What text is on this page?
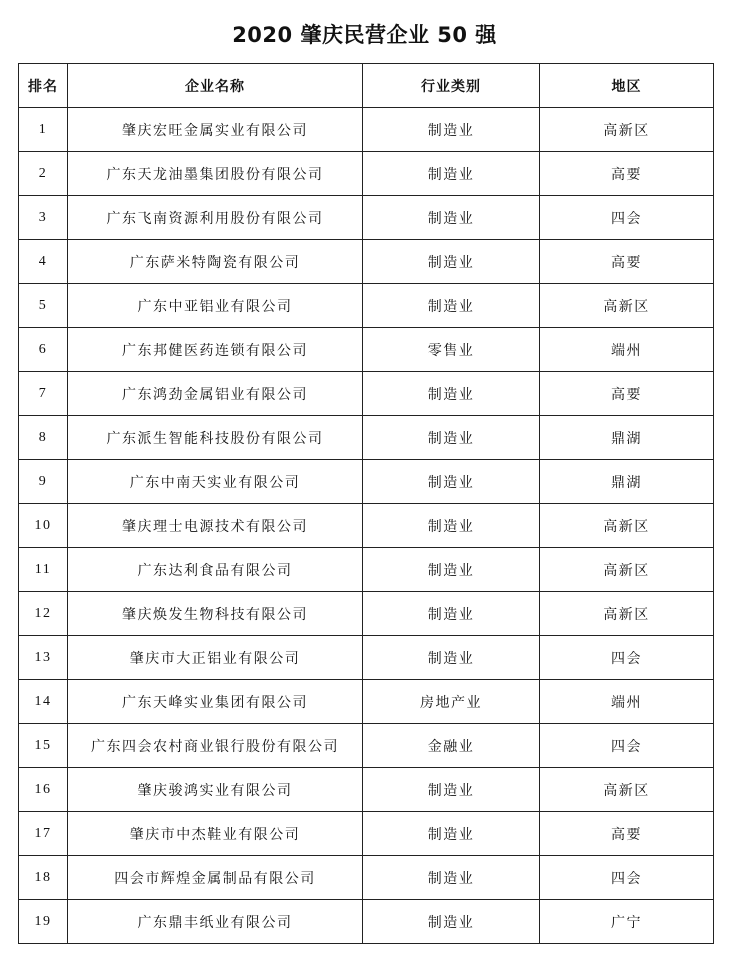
2020 肇庆民营企业 50 强
排名	企业名称	行业类别	地区
1	肇庆宏旺金属实业有限公司	制造业	高新区
2	广东天龙油墨集团股份有限公司	制造业	高要
3	广东飞南资源利用股份有限公司	制造业	四会
4	广东萨米特陶瓷有限公司	制造业	高要
5	广东中亚铝业有限公司	制造业	高新区
6	广东邦健医药连锁有限公司	零售业	端州
7	广东鸿劲金属铝业有限公司	制造业	高要
8	广东派生智能科技股份有限公司	制造业	鼎湖
9	广东中南天实业有限公司	制造业	鼎湖
10	肇庆理士电源技术有限公司	制造业	高新区
11	广东达利食品有限公司	制造业	高新区
12	肇庆焕发生物科技有限公司	制造业	高新区
13	肇庆市大正铝业有限公司	制造业	四会
14	广东天峰实业集团有限公司	房地产业	端州
15	广东四会农村商业银行股份有限公司	金融业	四会
16	肇庆骏鸿实业有限公司	制造业	高新区
17	肇庆市中杰鞋业有限公司	制造业	高要
18	四会市辉煌金属制品有限公司	制造业	四会
19	广东鼎丰纸业有限公司	制造业	广宁
